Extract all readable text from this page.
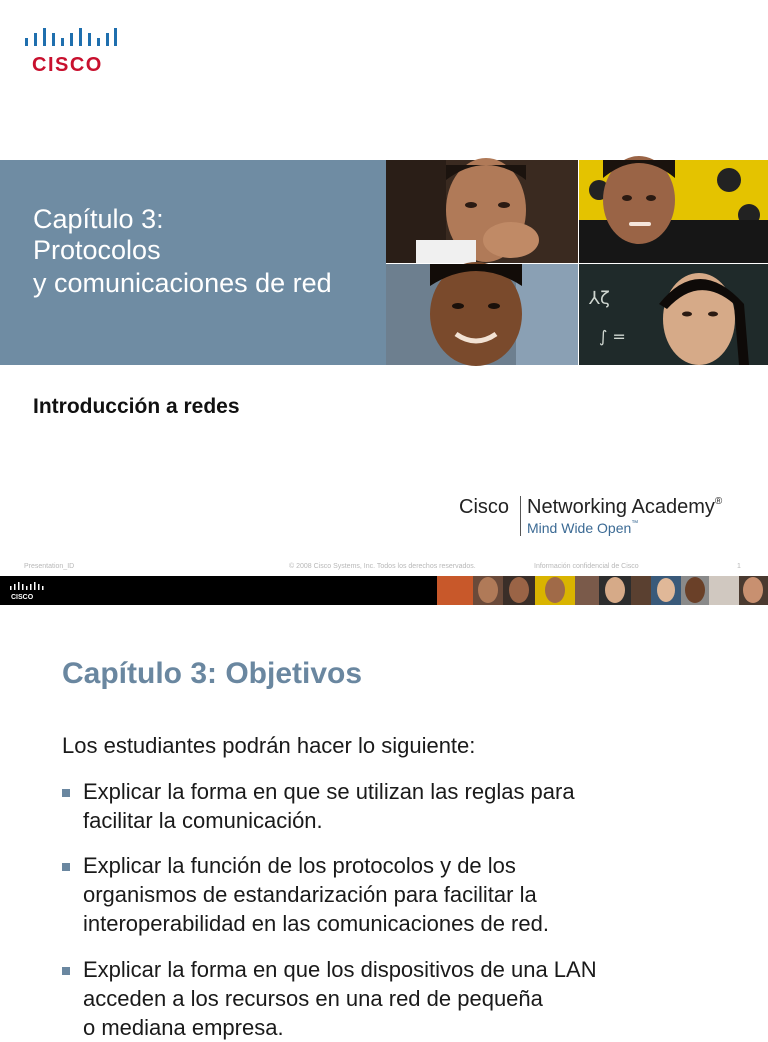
CISCO
Capítulo 3:
Protocolos
y comunicaciones de red
⅄ζ
∫ =
Introducción a redes
Cisco Networking Academy®
Mind Wide Open™
Presentation_ID	© 2008 Cisco Systems, Inc. Todos los derechos reservados.	Información confidencial de Cisco	1
CISCO
Capítulo 3: Objetivos
Los estudiantes podrán hacer lo siguiente:
Explicar la forma en que se utilizan las reglas para
facilitar la comunicación.
Explicar la función de los protocolos y de los
organismos de estandarización para facilitar la
interoperabilidad en las comunicaciones de red.
Explicar la forma en que los dispositivos de una LAN
acceden a los recursos en una red de pequeña
o mediana empresa.
